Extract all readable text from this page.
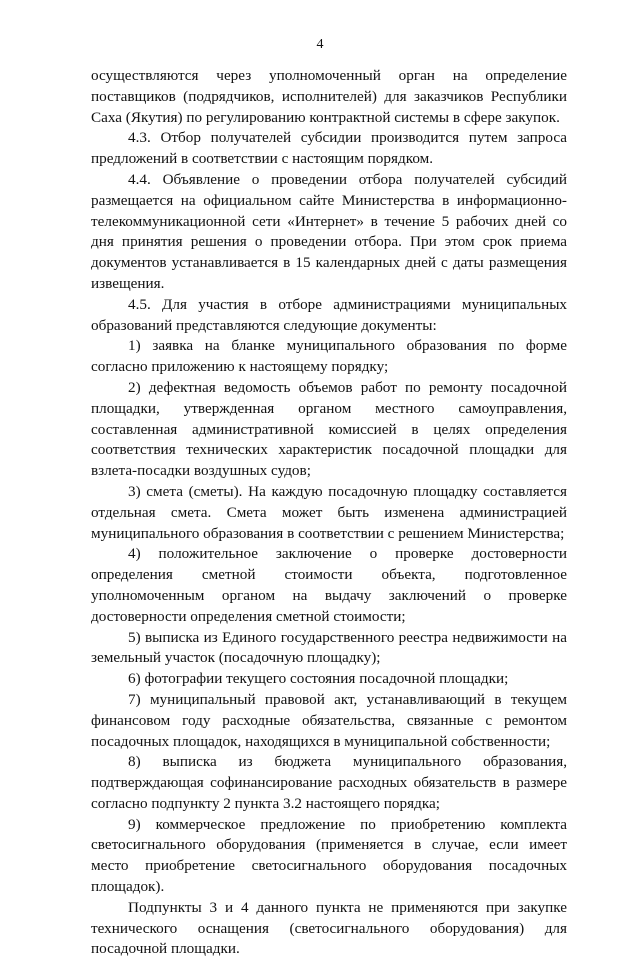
4

осуществляются через уполномоченный орган на определение поставщиков (подрядчиков, исполнителей) для заказчиков Республики Саха (Якутия) по регулированию контрактной системы в сфере закупок.

4.3. Отбор получателей субсидии производится путем запроса предложений в соответствии с настоящим порядком.

4.4. Объявление о проведении отбора получателей субсидий размещается на официальном сайте Министерства в информационно-телекоммуникационной сети «Интернет» в течение 5 рабочих дней со дня принятия решения о проведении отбора. При этом срок приема документов устанавливается в 15 календарных дней с даты размещения извещения.

4.5. Для участия в отборе администрациями муниципальных образований представляются следующие документы:

1) заявка на бланке муниципального образования по форме согласно приложению к настоящему порядку;

2) дефектная ведомость объемов работ по ремонту посадочной площадки, утвержденная органом местного самоуправления, составленная административной комиссией в целях определения соответствия технических характеристик посадочной площадки для взлета-посадки воздушных судов;

3) смета (сметы). На каждую посадочную площадку составляется отдельная смета. Смета может быть изменена администрацией муниципального образования в соответствии с решением Министерства;

4) положительное заключение о проверке достоверности определения сметной стоимости объекта, подготовленное уполномоченным органом на выдачу заключений о проверке достоверности определения сметной стоимости;

5) выписка из Единого государственного реестра недвижимости на земельный участок (посадочную площадку);

6) фотографии текущего состояния посадочной площадки;

7) муниципальный правовой акт, устанавливающий в текущем финансовом году расходные обязательства, связанные с ремонтом посадочных площадок, находящихся в муниципальной собственности;

8) выписка из бюджета муниципального образования, подтверждающая софинансирование расходных обязательств в размере согласно подпункту 2 пункта 3.2 настоящего порядка;

9) коммерческое предложение по приобретению комплекта светосигнального оборудования (применяется в случае, если имеет место приобретение светосигнального оборудования посадочных площадок).

Подпункты 3 и 4 данного пункта не применяются при закупке технического оснащения (светосигнального оборудования) для посадочной площадки.
